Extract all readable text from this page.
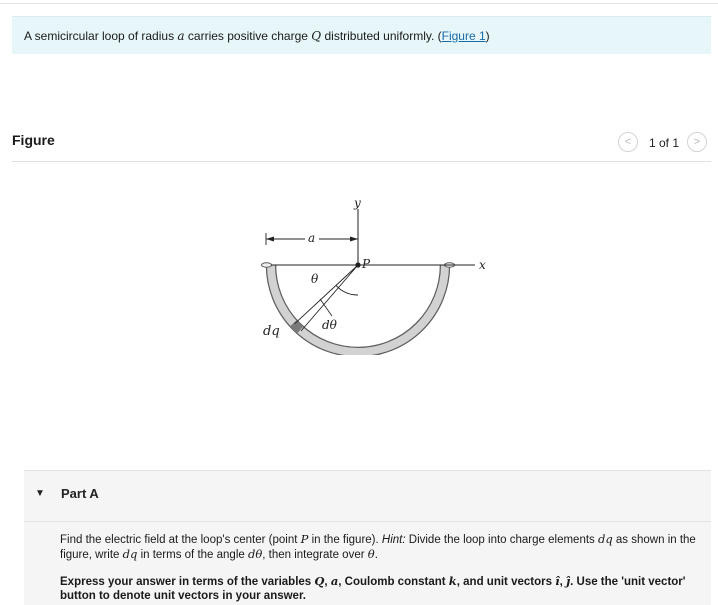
A semicircular loop of radius a carries positive charge Q distributed uniformly. (Figure 1)
Figure	<	1 of 1	>
y
x
a
P
θ
dθ
dq
▼ Part A
Find the electric field at the loop's center (point P in the figure). Hint: Divide the loop into charge elements dq as shown in the figure, write dq in terms of the angle dθ, then integrate over θ.
Express your answer in terms of the variables Q, a, Coulomb constant k, and unit vectors î, ĵ. Use the 'unit vector' button to denote unit vectors in your answer.
